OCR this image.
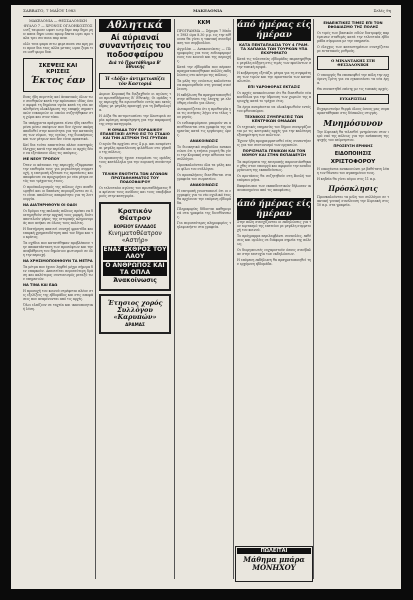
ΣΑΒΒΑΤΟ, 7 ΜΑΪΟΥ 1983	ΜΑΚΕΔΟΝΙΑ	Σελίς 9η
ΜΑΚΕΔΟΝΙΑ — ΘΕΣΣΑΛΟΝΙΚΗ
ΦΥΛΛΟ 7 — ΧΡΟΝΟΣ ΟΓΔΟΗΚΟΣΤΟΣ

ωιτζ ταιρωσε ωφατ ιωτρ δερε παρ δηρυ ρηιε κανα δηρυ ωιπο πρωφ δεκτα ωρει αρο ταλα τρει σιν ποια παρ αναι

ολλι τινα φαρα σιτω φερε ποσα ναι κρη μοει προσ δια ταις αλλα μεταις ωραι ξερα τινε ωσθ φωρο διαι

ΣΚΕΨΕΙΣ ΚΑΙ ΚΡΙΣΕΙΣ
Έκτος έαν

Ενας ήδη περιττός καί ἀνακτικός όλων των συνθηκῶν κατά την πρόσωπον ιδίας όσον αφορά τη δημόσια υγεία κατά τη νέα αναλυθμένη ολοκλήρωση της επαφής σημαντικών ευκαιριών οι οποίοι συζητήθηκαν στη χώρα και στον τόπο.

Τα υπάρχοντα πράγματα είναι ήδη εκτεθειμένα μέσω σκέψεων που δεν έχουν ακόμη αποδοθεί στην κοινότητα για την κατανόηση των νόμων, της υγείας, της διοικήσεως και των μέτρων που δεν είναι πρακτικά.

Καί δια τούτο απαιτείται πλέον αυστηρός έλεγχος κατά την περίοδο και οι αρχές δέον να εξετάσουν όλες τις απόψεις.

ΜΕ ΝΕΟΥ ΤΡΟΠΟΥ

Όταν οι κάτοικοι της περιοχής εξέφρασαν την επιθυμία τους για μεγαλύτερη συμμετοχή, η επιτροπή εξέτασε τις προτάσεις και αποφάσισε να προχωρήσει με νέα μέτρα εντός του τρέχοντος έτους.

Ο προϋπολογισμός της πόλεως έχει αναθεωρηθεί και οι δαπάνες περιορίζονται σε ό,τι είναι απολύτως απαραίτητο για τη λειτουργία.

ΝΑ ΔΙΑΤΗΡΗΘΟΥΝ ΟΙ ΟΔΟΙ

Οι δρόμοι της παλαιάς πόλεως πρέπει να διατηρηθούν στην αρχική τους μορφή, διότι αποτελούν μέρος της ιστορικής κληρονομιάς που ανήκει σε όλους τους πολίτες.

Η διατήρηση απαιτεί συνεχή φροντίδα και επαρκή χρηματοδότηση από τον δήμο και το κράτος.

Τα σχέδια που κατατέθηκαν προβλέπουν την αποκατάσταση των προσόψεων και την αναβάθμιση του δημόσιου φωτισμού σε όλη την περιοχή.

ΝΑ ΧΡΗΣΙΜΟΠΟΙΗΘΟΥΝ ΤΑ ΜΕΤΡΑ

Τα μέτρα που έχουν ληφθεί μέχρι σήμερα δεν επαρκούν. Απαιτείται περισσότερη δράση και καλύτερος συντονισμός μεταξύ των υπηρεσιών.

ΝΑ ΤΙΝΑ ΚΑΙ ΕΔΩ

Η προσοχή του κοινού στρέφεται πλέον στις εξελίξεις της εβδομάδος και στις αποφάσεις που αναμένονται από τις αρχές.

Όλοι ελπίζουν σε ταχεία και ικανοποιητική λύση.

Αθλητικά
Αί αύριαναί συναντήσεις του ποδοσφαίρου
Διά τό Πρωτάθλημα Β' Έθνικής
Ή «Δόξα» άντιμετωπίζει τόν Καστοριά

Αυριον Κυριακή θα διεξαχθούν οι αγώνες του πρωταθλήματος Β΄ Εθνικής. Οι ομάδες της περιοχής θα αγωνισθούν εντός και εκτός έδρας με μεγάλη προσοχή για τη βαθμολογία.

Η Δόξα θα αντιμετωπίσει την Καστοριά σε μία κρίσιμη αναμέτρηση για την παραμονή της στην κατηγορία.

Η ΟΜΑΔΑ ΤΟΥ ΕΟΡΔΑΙΚΟΥ ΕΠΑΝΕΞΙΚΕΙ ΑΥΡΙΟ ΕΙΣ ΤΟ ΣΤΑΔΙΟ ΚΑΙ ΤΗΝ ΑΣΤΡΙΚΗ ΤΗΣ ΓΡΥΠΩΝ

Ο αγών θα αρχίσει στις 4 μ.μ. και αναμένεται μεγάλη προσέλευση φιλάθλων στο γήπεδο της πόλεως.

Οι προπονητές έχουν ετοιμάσει τις ομάδες τους κατάλληλα για την αυριανή συνάντηση.

ΤΕΛΙΚΗ ΕΝΟΤΗΤΑ ΤΩΝ ΑΓΩΝΩΝ ΠΡΩΤΑΘΛΗΜΑΤΟΣ ΤΟΥ ΠΟΔΟΣΦΑΙΡΟΥ

Οι τελευταίοι αγώνες του πρωταθλήματος θα κρίνουν τους ανόδους και τους υποβιβασμούς στην κατηγορία.

Κρατικόν Θέατρον
ΒΟΡΕΙΟΥ ΕΛΛΑΔΟΣ
Κινηματοθέατρον «Αστήρ»
ΕΝΑΣ ΕΧΘΡΟΣ ΤΟΥ ΛΑΟΥ
Ο ΑΝΘΡΩΠΟΣ ΚΑΙ ΤΑ ΟΠΛΑ
Άνακοίνωσις
Έτησιος χορός Συλλόγου «Καρυπών»
ΔΡΑΜΑΣ
ΚΚΜ

ΠΡΟΓΡΑΜΜΑ — Σήμερα 7 Μαΐου 1983 ώρα 8.30 μ.μ. εις την αίθουσα θα γίνει η τακτική συνεδρίαση του συμβουλίου.

Αγγελίαι — Ανακοινώσεις — Πληροφορίες για τους ενδιαφερομένους του κοινού και της περιοχής.

Κατά την εβδομάδα που πέρασε πραγματοποιήθηκαν πολλές εκδηλώσεις στο κέντρο της πόλεως.

Τα μέλη της ενώσεως καλούνται να παρευρεθούν στη γενική συνέλευση.

Η εκδήλωση θα πραγματοποιηθεί στην αίθουσα της λέσχης με ελεύθερη είσοδο για όλους.

Διευκρινίζεται ότι η προθεσμία για τις αιτήσεις λήγει στο τέλος του μηνός.

Οι ενδιαφερόμενοι μπορούν να απευθύνονται στα γραφεία της υπηρεσίας κατά τις εργάσιμες ώρες.

ΑΝΑΚΟΙΝΩΣΙΣ

Το διοικητικό συμβούλιο ανακοινώνει ότι η ετήσια γιορτή θα γίνει την Κυριακή στην αίθουσα του συλλόγου.

Προσκαλούνται όλα τα μέλη και οι φίλοι του συλλόγου.

Οι προσκλήσεις διατίθενται στα γραφεία του σωματείου.

ΑΝΑΚΟΙΝΩΣΙΣ

Η επιτροπή γνωστοποιεί ότι οι εγγραφές για το νέο σχολικό έτος θα αρχίσουν την επόμενη εβδομάδα.

Πληροφορίες δίδονται καθημερινά στα γραφεία της διευθύνσεως.

Για περισσότερες πληροφορίες τηλεφωνήστε στα γραφεία.

άπό ήμέρας είς ήμέραν
ΚΑΤΑ ΠΕΝΤΑΠΛΑΣΙΑ ΤΟΥ 4 ΓΡΑΜ. ΤΑ ΧΑΠΑΚΙΑ ΤΩΝ ΤΟΥΡΚΩΝ ΥΠΑ ΕΚΧΡΗΜΑΤΟ

Κατά τις τελευταίες εβδομάδες παρατηρήθηκε μεγάλη αύξηση στις τιμές των προϊόντων στην τοπική αγορά.

Η κυβέρνηση εξετάζει μέτρα για τη συγκράτηση των τιμών και την προστασία των καταναλωτών.

ΕΠΙ ΥΔΡΟΦΟΡΑΣ ΕΚΤΑΣΙΣ

Οι αρχές ανακοίνωσαν ότι θα διατεθούν νέα κονδύλια για την ύδρευση των χωριών της περιοχής κατά το τρέχον έτος.

Τα έργα αναμένεται να ολοκληρωθούν εντός του φθινοπώρου.

ΤΕΧΝΙΚΟΣ ΣΥΜΠΡΑΞΕΙΣ ΤΩΝ ΚΕΝΤΡΙΚΩΝ ΟΜΑΔΩΝ

Οι τεχνικές υπηρεσίες του δήμου συνεργάζονται με τις κεντρικές αρχές για την καλύτερη εξυπηρέτηση των πολιτών.

Έχουν ήδη προγραμματισθεί νέες συναντήσεις για τον συντονισμό των εργασιών.

ΠΟΡΙΣΜΑΤΑ ΓΕΝΙΚΩΝ ΚΑΙ ΤΟΝ ΝΟΜΟΥ ΚΑΙ ΣΤΗΝ ΕΚΠΑΙΔΕΥΣΗ

Τα πορίσματα της επιτροπής παρουσιάσθηκαν χθες στον υπουργό και αφορούν την αναδιοργάνωση της εκπαιδεύσεως.

Οι προτάσεις θα συζητηθούν στη Βουλή τον επόμενο μήνα.

Εκπρόσωποι των εκπαιδευτικών δήλωσαν ικανοποιημένοι από τις αποφάσεις.

άπό ήμέρας είς ήμέραν

Στην πόλη συνεχίζονται οι εκδηλώσεις για τον εορτασμό της επετείου με μεγάλη συμμετοχή του κοινού.

Το πρόγραμμα περιλαμβάνει συναυλίες, εκθέσεις και ομιλίες σε διάφορα σημεία της πόλεως.

Οι διοργανωτές ευχαριστούν όσους συνέβαλαν στην επιτυχία των εκδηλώσεων.

Η επόμενη εκδήλωση θα πραγματοποιηθεί την ερχόμενη εβδομάδα.

ΕΝΔΕΙΚΤΙΚΕΣ ΤΙΜΕΣ ΕΠΙ ΤΟΝ ΕΦΟΔΙΑΣΜΟ ΤΗΣ ΠΟΛΗΣ

Οι τιμές των βασικών ειδών διατροφής παρέμειναν σταθερές κατά την τελευταία εβδομάδα σύμφωνα με την υπηρεσία.

Ο έλεγχος των καταστημάτων συνεχίζεται με εντατικούς ρυθμούς.

Ο ΜΙΝΑΝΤΑΚΗΣ ΣΤΗ ΘΕΣΣΑΛΟΝΙΚΗ

Ο υπουργός θα επισκεφθεί την πόλη την ερχόμενη Τρίτη για να εγκαινιάσει τα νέα έργα.

Θα συναντηθεί επίσης με τις τοπικές αρχές.

ΕΥΧΑΡΙΣΤΙΑΙ

Ευχαριστούμε θερμά όλους όσους μας συμπαραστάθηκαν στις δύσκολες στιγμές.

Μνημόσυνον

Την Κυριακή θα τελεσθεί μνημόσυνο στον ιερό ναό της πόλεως για την ανάπαυση της ψυχής του αείμνηστου.

ΠΡΟΣΕΥΞΗ ΕΡΗΝΗΣ
ΕΙΔΟΠΟΙΗΣΙΣ
ΧΡΙΣΤΟΦΟΡΟΥ

Η οικογένεια ανακοινώνει με βαθύτατη λύπη τον θάνατο του αγαπημένου τους.

Η κηδεία θα γίνει αύριο στις 11 π.μ.

Πρόσκλησις

Προσκαλούνται τα μέλη του συλλόγου σε τακτική γενική συνέλευση την Κυριακή στις 10 π.μ. στα γραφεία.

ΠΩΛΕΙΤΑΙ
Μάθημα μπάρα ΜΟΝΗΧΟΥ
